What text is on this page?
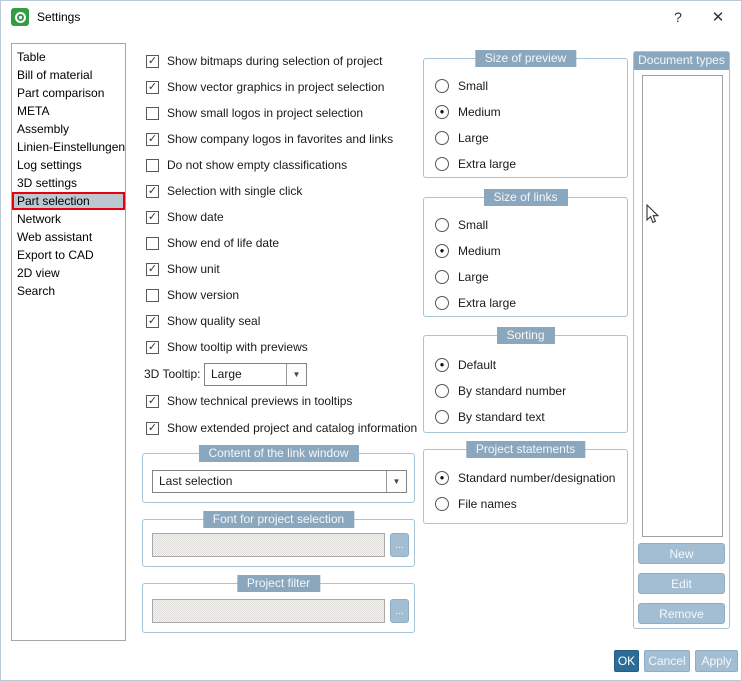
Settings	?	✕
Table
Bill of material
Part comparison
META
Assembly
Linien-Einstellungen
Log settings
3D settings
Part selection
Network
Web assistant
Export to CAD
2D view
Search
✓ Show bitmaps during selection of project
✓ Show vector graphics in project selection
Show small logos in project selection
✓ Show company logos in favorites and links
Do not show empty classifications
✓ Selection with single click
✓ Show date
Show end of life date
✓ Show unit
Show version
✓ Show quality seal
✓ Show tooltip with previews
3D Tooltip: Large	▼
✓ Show technical previews in tooltips
✓ Show extended project and catalog information
Content of the link window
Last selection	▼
Font for project selection
...
Project filter
...
Size of preview
Small
● Medium
Large
Extra large
Size of links
Small
● Medium
Large
Extra large
Sorting
● Default
By standard number
By standard text
Project statements
● Standard number/designation
File names
Document types
New
Edit
Remove
OK	Cancel	Apply
